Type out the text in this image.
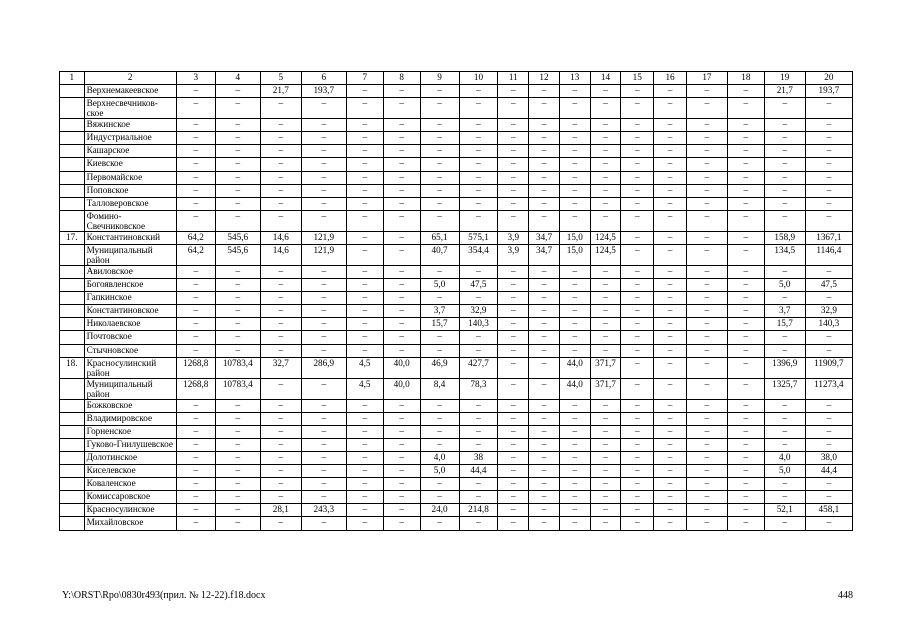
1	2	3	4	5	6	7	8	9	10	11	12	13	14	15	16	17	18	19	20
	Верхнемакеевское	–	–	21,7	193,7	–	–	–	–	–	–	–	–	–	–	–	–	21,7	193,7
	Верхнесвечников-ское	–	–	–	–	–	–	–	–	–	–	–	–	–	–	–	–	–	–
	Вяжинское	–	–	–	–	–	–	–	–	–	–	–	–	–	–	–	–	–	–
	Индустриальное	–	–	–	–	–	–	–	–	–	–	–	–	–	–	–	–	–	–
	Кашарское	–	–	–	–	–	–	–	–	–	–	–	–	–	–	–	–	–	–
	Киевское	–	–	–	–	–	–	–	–	–	–	–	–	–	–	–	–	–	–
	Первомайское	–	–	–	–	–	–	–	–	–	–	–	–	–	–	–	–	–	–
	Поповское	–	–	–	–	–	–	–	–	–	–	–	–	–	–	–	–	–	–
	Талловеровское	–	–	–	–	–	–	–	–	–	–	–	–	–	–	–	–	–	–
	Фомино-Свечниковское	–	–	–	–	–	–	–	–	–	–	–	–	–	–	–	–	–	–
17.	Константиновский	64,2	545,6	14,6	121,9	–	–	65,1	575,1	3,9	34,7	15,0	124,5	–	–	–	–	158,9	1367,1
	Муниципальный район	64,2	545,6	14,6	121,9	–	–	40,7	354,4	3,9	34,7	15,0	124,5	–	–	–	–	134,5	1146,4
	Авиловское	–	–	–	–	–	–	–	–	–	–	–	–	–	–	–	–	–	–
	Богоявленское	–	–	–	–	–	–	5,0	47,5	–	–	–	–	–	–	–	–	5,0	47,5
	Гапкинское	–	–	–	–	–	–	–	–	–	–	–	–	–	–	–	–	–	–
	Константиновское	–	–	–	–	–	–	3,7	32,9	–	–	–	–	–	–	–	–	3,7	32,9
	Николаевское	–	–	–	–	–	–	15,7	140,3	–	–	–	–	–	–	–	–	15,7	140,3
	Почтовское	–	–	–	–	–	–	–	–	–	–	–	–	–	–	–	–	–	–
	Стычновское	–	–	–	–	–	–	–	–	–	–	–	–	–	–	–	–	–	–
18.	Красносулинский район	1268,8	10783,4	32,7	286,9	4,5	40,0	46,9	427,7	–	–	44,0	371,7	–	–	–	–	1396,9	11909,7
	Муниципальный район	1268,8	10783,4	–	–	4,5	40,0	8,4	78,3	–	–	44,0	371,7	–	–	–	–	1325,7	11273,4
	Божковское	–	–	–	–	–	–	–	–	–	–	–	–	–	–	–	–	–	–
	Владимировское	–	–	–	–	–	–	–	–	–	–	–	–	–	–	–	–	–	–
	Горненское	–	–	–	–	–	–	–	–	–	–	–	–	–	–	–	–	–	–
	Гуково-Гнилушевское	–	–	–	–	–	–	–	–	–	–	–	–	–	–	–	–	–	–
	Долотинское	–	–	–	–	–	–	4,0	38	–	–	–	–	–	–	–	–	4,0	38,0
	Киселевское	–	–	–	–	–	–	5,0	44,4	–	–	–	–	–	–	–	–	5,0	44,4
	Коваленское	–	–	–	–	–	–	–	–	–	–	–	–	–	–	–	–	–	–
	Комиссаровское	–	–	–	–	–	–	–	–	–	–	–	–	–	–	–	–	–	–
	Красносулинское	–	–	28,1	243,3	–	–	24,0	214,8	–	–	–	–	–	–	–	–	52,1	458,1
	Михайловское	–	–	–	–	–	–	–	–	–	–	–	–	–	–	–	–	–	–
Y:\ORST\Rpo\0830r493(прил. № 12-22).f18.docx	448
